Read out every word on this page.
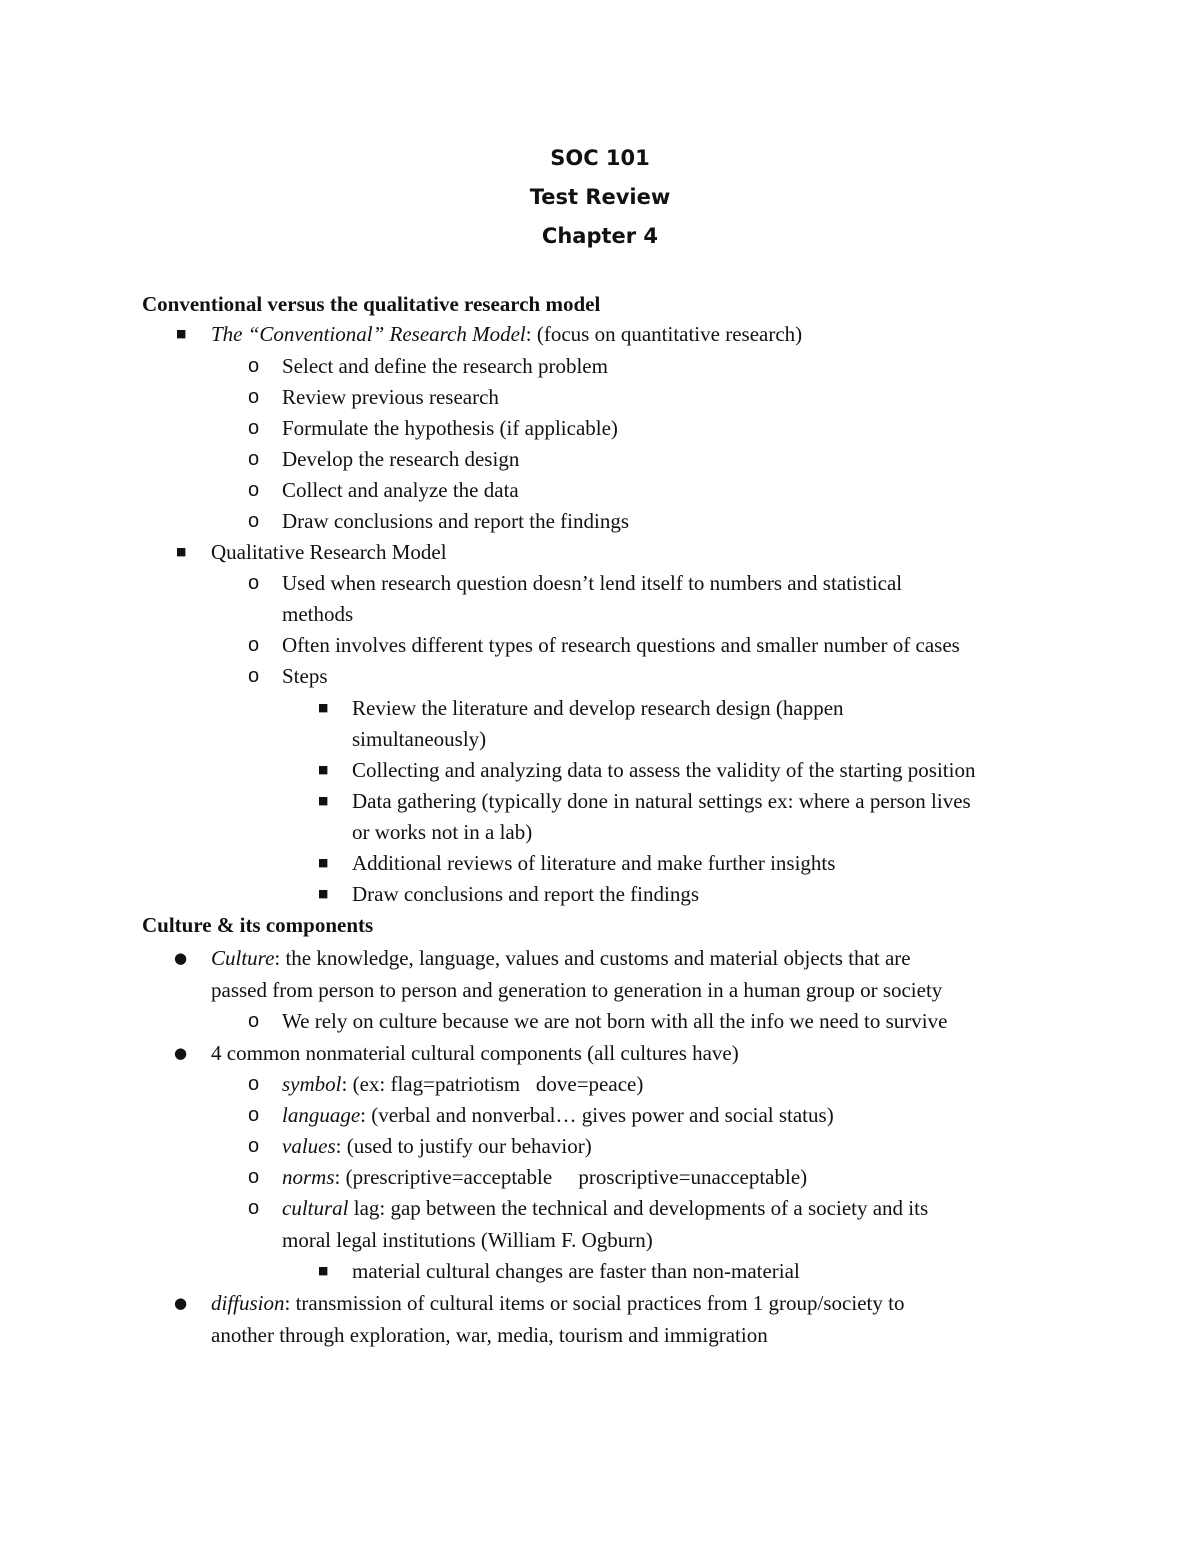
SOC 101
Test Review
Chapter 4
Conventional versus the qualitative research model
■ The “Conventional” Research Model: (focus on quantitative research)
o Select and define the research problem
o Review previous research
o Formulate the hypothesis (if applicable)
o Develop the research design
o Collect and analyze the data
o Draw conclusions and report the findings
■ Qualitative Research Model
o Used when research question doesn’t lend itself to numbers and statistical
methods
o Often involves different types of research questions and smaller number of cases
o Steps
■ Review the literature and develop research design (happen
simultaneously)
■ Collecting and analyzing data to assess the validity of the starting position
■ Data gathering (typically done in natural settings ex: where a person lives
or works not in a lab)
■ Additional reviews of literature and make further insights
■ Draw conclusions and report the findings
Culture & its components
● Culture: the knowledge, language, values and customs and material objects that are
passed from person to person and generation to generation in a human group or society
o We rely on culture because we are not born with all the info we need to survive
● 4 common nonmaterial cultural components (all cultures have)
o symbol: (ex: flag=patriotism   dove=peace)
o language: (verbal and nonverbal… gives power and social status)
o values: (used to justify our behavior)
o norms: (prescriptive=acceptable     proscriptive=unacceptable)
o cultural lag: gap between the technical and developments of a society and its
moral legal institutions (William F. Ogburn)
■ material cultural changes are faster than non-material
● diffusion: transmission of cultural items or social practices from 1 group/society to
another through exploration, war, media, tourism and immigration
